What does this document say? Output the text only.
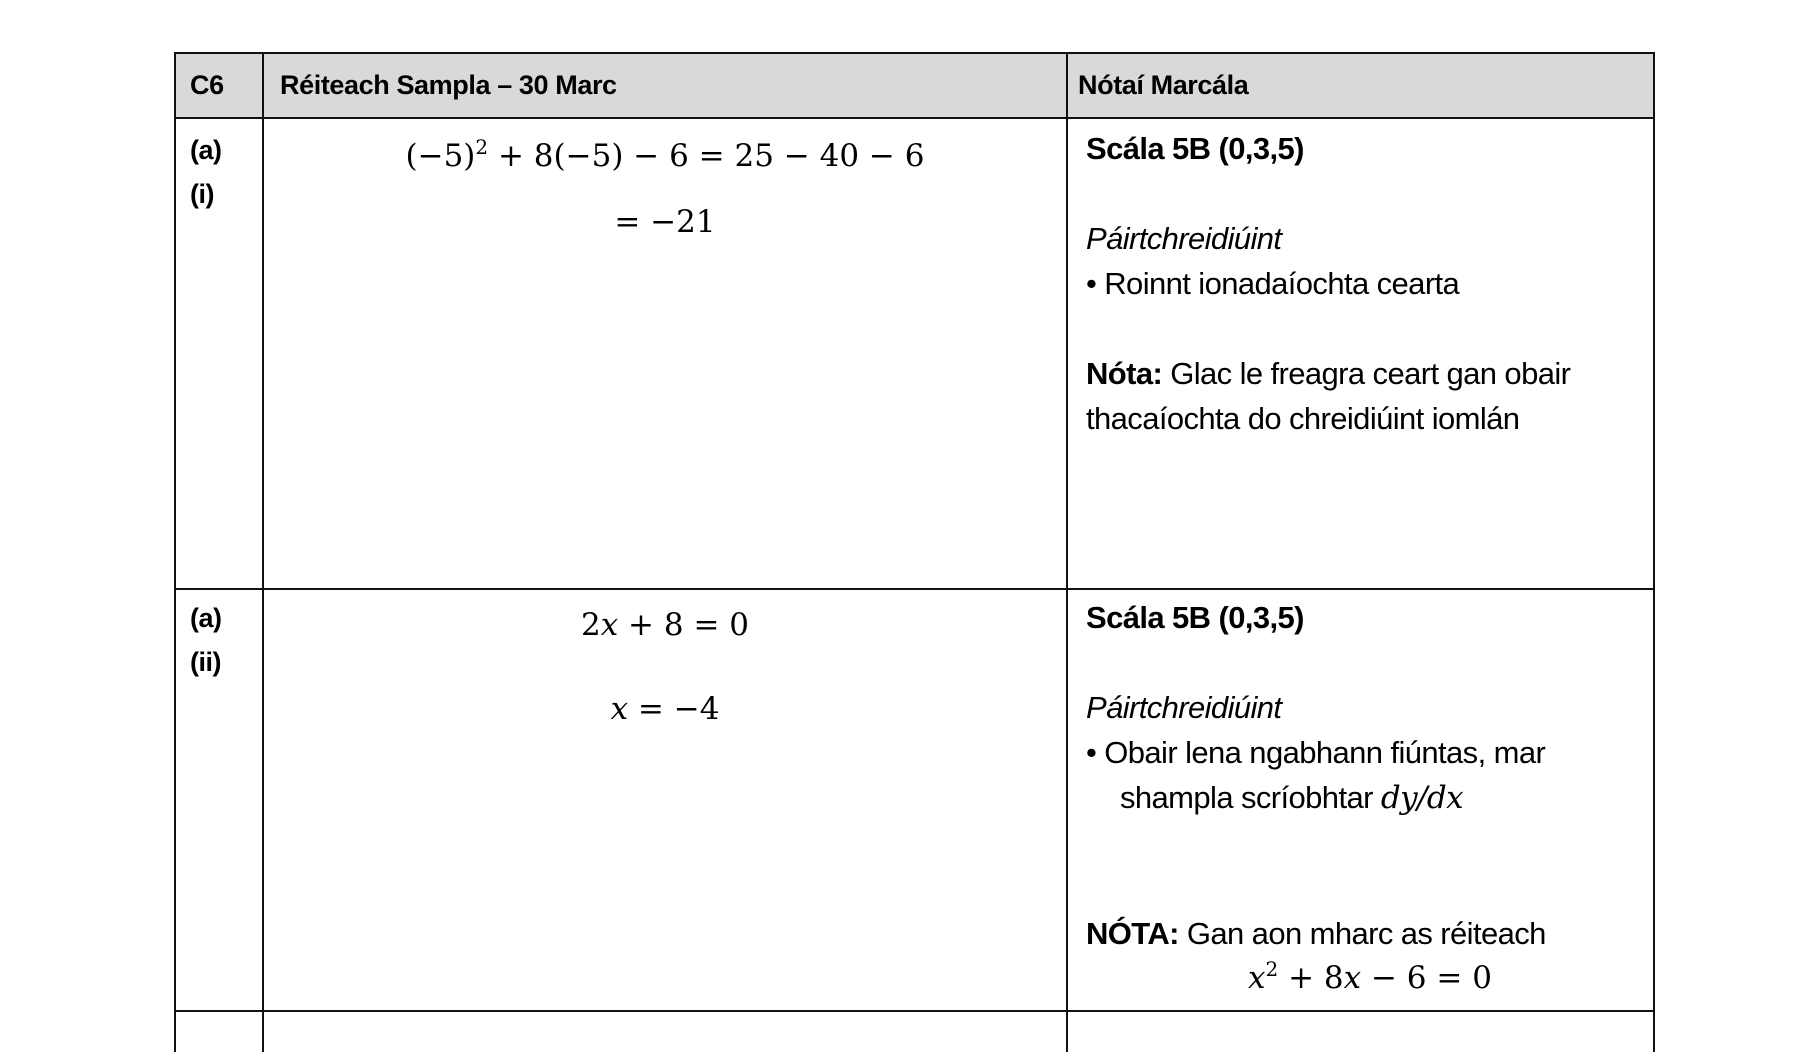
C6 Réiteach Sampla – 30 Marc	Nótaí Marcála
(a)
(i)
$(-5)^2 + 8(-5) - 6 = 25 - 40 - 6$
= −21
Scála 5B (0,3,5)
Páirtchreidiúint
• Roinnt ionadaíochta cearta
Nóta: Glac le freagra ceart gan obair
thacaíochta do chreidiúint iomlán
(a)
(ii)
2x + 8 = 0
x = −4
Scála 5B (0,3,5)
Páirtchreidiúint
• Obair lena ngabhann fiúntas, mar
shampla scríobhtar dy/dx
NÓTA: Gan aon mharc as réiteach
$x^2 + 8x - 6 = 0$
